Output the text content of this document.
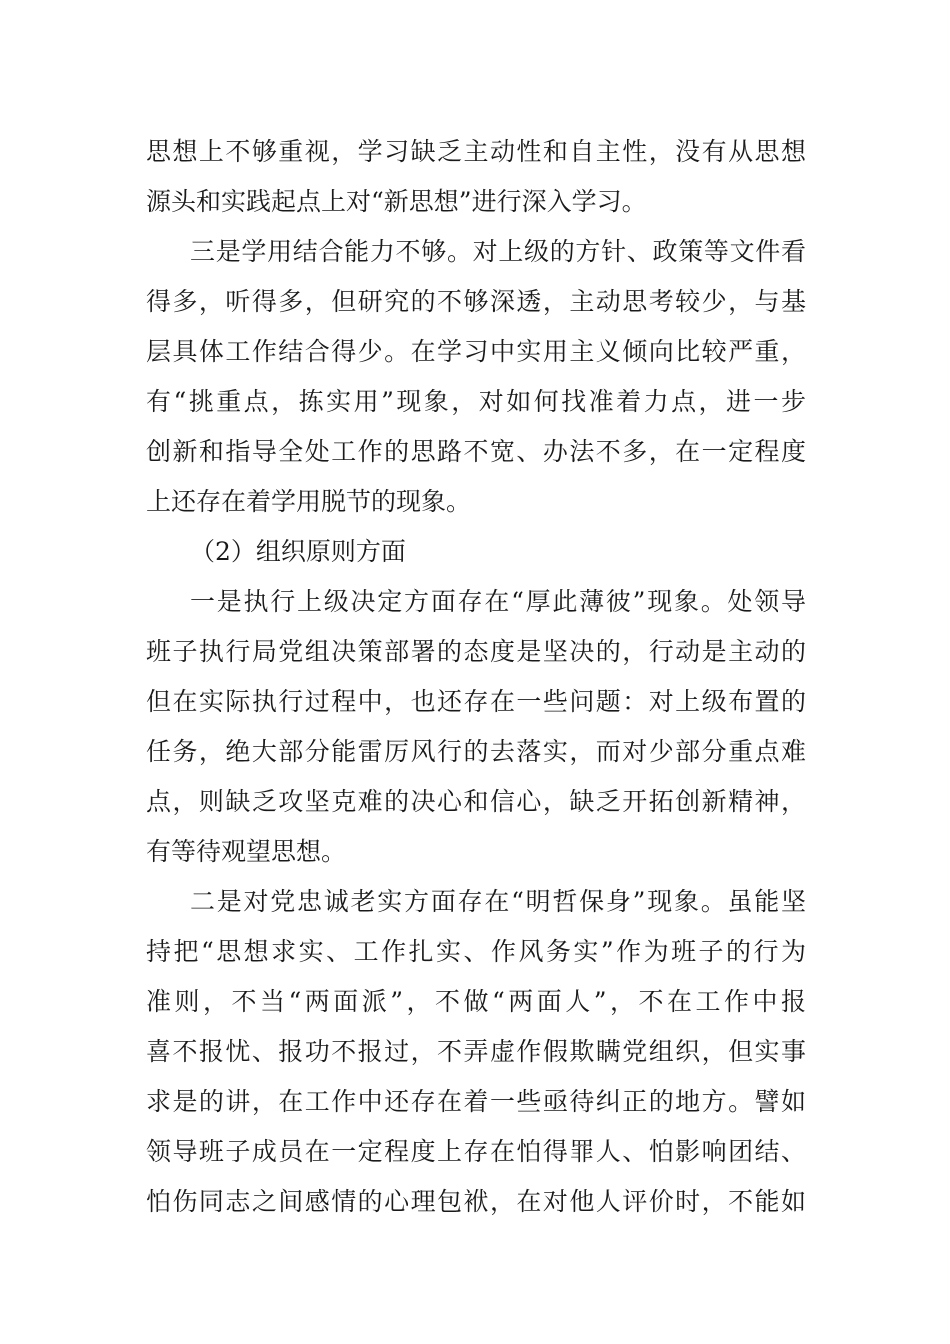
思想上不够重视，学习缺乏主动性和自主性，没有从思想
源头和实践起点上对“新思想”进行深入学习。
三是学用结合能力不够。对上级的方针、政策等文件看
得多，听得多，但研究的不够深透，主动思考较少，与基
层具体工作结合得少。在学习中实用主义倾向比较严重，
有“挑重点，拣实用”现象，对如何找准着力点，进一步
创新和指导全处工作的思路不宽、办法不多，在一定程度
上还存在着学用脱节的现象。
（2）组织原则方面
一是执行上级决定方面存在“厚此薄彼”现象。处领导
班子执行局党组决策部署的态度是坚决的，行动是主动的
但在实际执行过程中，也还存在一些问题：对上级布置的
任务，绝大部分能雷厉风行的去落实，而对少部分重点难
点，则缺乏攻坚克难的决心和信心，缺乏开拓创新精神，
有等待观望思想。
二是对党忠诚老实方面存在“明哲保身”现象。虽能坚
持把“思想求实、工作扎实、作风务实”作为班子的行为
准则，不当“两面派”，不做“两面人”，不在工作中报
喜不报忧、报功不报过，不弄虚作假欺瞒党组织，但实事
求是的讲，在工作中还存在着一些亟待纠正的地方。譬如
领导班子成员在一定程度上存在怕得罪人、怕影响团结、
怕伤同志之间感情的心理包袱，在对他人评价时，不能如
